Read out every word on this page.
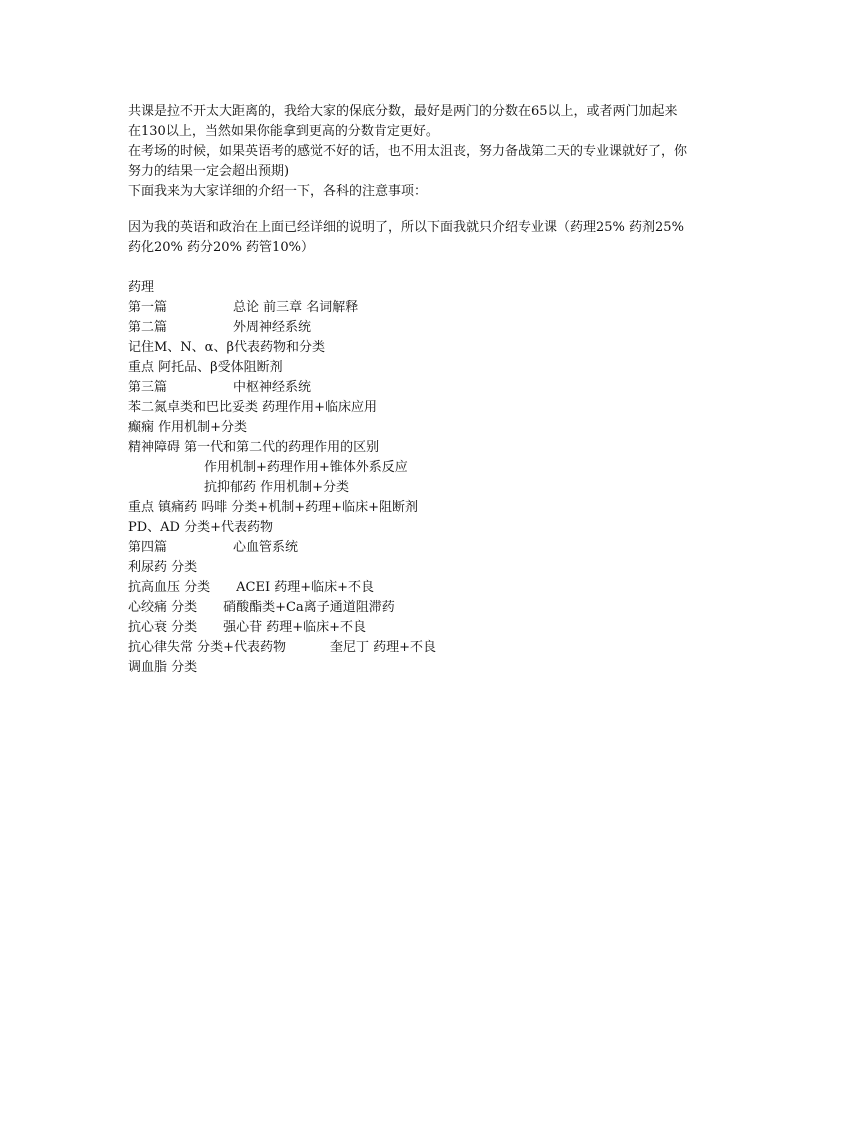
共课是拉不开太大距离的，我给大家的保底分数，最好是两门的分数在65以上，或者两门加起来
在130以上，当然如果你能拿到更高的分数肯定更好。
在考场的时候，如果英语考的感觉不好的话，也不用太沮丧，努力备战第二天的专业课就好了，你
努力的结果一定会超出预期)
下面我来为大家详细的介绍一下，各科的注意事项：
因为我的英语和政治在上面已经详细的说明了，所以下面我就只介绍专业课（药理25% 药剂25%
药化20% 药分20% 药管10%）
药理
第一篇	总论 前三章 名词解释
第二篇	外周神经系统
记住M、N、α、β代表药物和分类
重点 阿托品、β受体阻断剂
第三篇	中枢神经系统
苯二氮卓类和巴比妥类 药理作用+临床应用
癫痫 作用机制+分类
精神障碍 第一代和第二代的药理作用的区别
作用机制+药理作用+锥体外系反应
抗抑郁药 作用机制+分类
重点 镇痛药 吗啡 分类+机制+药理+临床+阻断剂
PD、AD 分类+代表药物
第四篇	心血管系统
利尿药 分类
抗高血压 分类 ACEI 药理+临床+不良
心绞痛 分类 硝酸酯类+Ca离子通道阻滞药
抗心衰 分类 强心苷 药理+临床+不良
抗心律失常 分类+代表药物	奎尼丁 药理+不良
调血脂 分类
